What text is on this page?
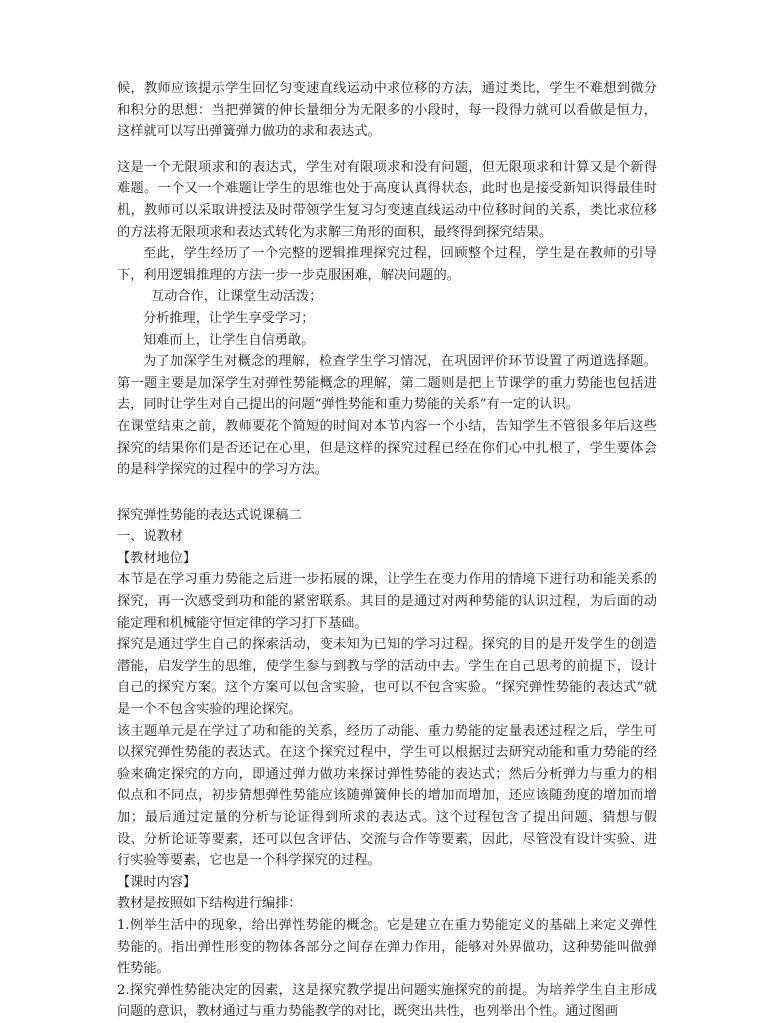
候，教师应该提示学生回忆匀变速直线运动中求位移的方法，通过类比，学生不难想到微分和积分的思想：当把弹簧的伸长量细分为无限多的小段时，每一段得力就可以看做是恒力，这样就可以写出弹簧弹力做功的求和表达式。

这是一个无限项求和的表达式，学生对有限项求和没有问题，但无限项求和计算又是个新得难题。一个又一个难题让学生的思维也处于高度认真得状态，此时也是接受新知识得最佳时机，教师可以采取讲授法及时带领学生复习匀变速直线运动中位移时间的关系，类比求位移的方法将无限项求和表达式转化为求解三角形的面积，最终得到探究结果。

至此，学生经历了一个完整的逻辑推理探究过程，回顾整个过程，学生是在教师的引导下，利用逻辑推理的方法一步一步克服困难，解决问题的。

互动合作，让课堂生动活泼；

分析推理，让学生享受学习；

知难而上，让学生自信勇敢。

为了加深学生对概念的理解，检查学生学习情况，在巩固评价环节设置了两道选择题。第一题主要是加深学生对弹性势能概念的理解，第二题则是把上节课学的重力势能也包括进去，同时让学生对自己提出的问题“弹性势能和重力势能的关系”有一定的认识。

在课堂结束之前，教师要花个简短的时间对本节内容一个小结，告知学生不管很多年后这些探究的结果你们是否还记在心里，但是这样的探究过程已经在你们心中扎根了，学生要体会的是科学探究的过程中的学习方法。

探究弹性势能的表达式说课稿二

一、说教材

【教材地位】

本节是在学习重力势能之后进一步拓展的课，让学生在变力作用的情境下进行功和能关系的探究，再一次感受到功和能的紧密联系。其目的是通过对两种势能的认识过程，为后面的动能定理和机械能守恒定律的学习打下基础。

探究是通过学生自己的探索活动，变未知为已知的学习过程。探究的目的是开发学生的创造潜能，启发学生的思维，使学生参与到教与学的活动中去。学生在自己思考的前提下，设计自己的探究方案。这个方案可以包含实验，也可以不包含实验。“探究弹性势能的表达式”就是一个不包含实验的理论探究。

该主题单元是在学过了功和能的关系，经历了动能、重力势能的定量表述过程之后，学生可以探究弹性势能的表达式。在这个探究过程中，学生可以根据过去研究动能和重力势能的经验来确定探究的方向，即通过弹力做功来探讨弹性势能的表达式；然后分析弹力与重力的相似点和不同点，初步猜想弹性势能应该随弹簧伸长的增加而增加，还应该随劲度的增加而增加；最后通过定量的分析与论证得到所求的表达式。这个过程包含了提出问题、猜想与假设、分析论证等要素，还可以包含评估、交流与合作等要素，因此，尽管没有设计实验、进行实验等要素，它也是一个科学探究的过程。

【课时内容】

教材是按照如下结构进行编排：

1.例举生活中的现象，给出弹性势能的概念。它是建立在重力势能定义的基础上来定义弹性势能的。指出弹性形变的物体各部分之间存在弹力作用，能够对外界做功，这种势能叫做弹性势能。

2.探究弹性势能决定的因素，这是探究教学提出问题实施探究的前提。为培养学生自主形成问题的意识，教材通过与重力势能教学的对比，既突出共性，也列举出个性。通过图画
